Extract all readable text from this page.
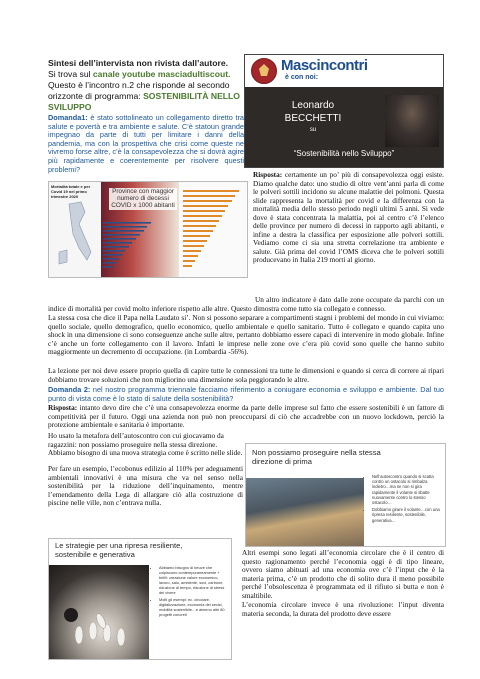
Sintesi dell’intervista non rivista dall’autore.
Si trova sul canale youtube masciadultiscout.
Questo è l’incontro n.2 che risponde al secondo orizzonte di programma: SOSTENIBILITÀ NELLO SVILUPPO
Mascincontri
è con noi:
Leonardo
BECCHETTI
su
“Sostenibilità nello Sviluppo”
Domanda1: è stato sottolineato un collegamento diretto tra salute e povertà e tra ambiente e salute. C’è statoun grande impegnao da parte di tutti per limitare i danni della pandemia, ma con la prospettiva che crisi come queste ne vivremo forse altre, c’è la consapevolezza che si dovrà agire più rapidamente e coerentemente per risolvere questi problemi?
Mortalità totale e per Covid 19 nel primo trimestre 2020
Province con maggior numero di decessi COVID x 1000 abitanti
Risposta: certamente un po’ più di consapevolezza oggi esiste. Diamo qualche dato: uno studio di oltre vent’anni parla di come le polveri sottili incidono su alcune malattie dei polmoni. Questa slide rappresenta la mortalità per covid e la differenza con la mortalità media dello stesso periodo negli ultimi 5 anni. Si vede dove è stata concentrata la malattia, poi al centro c’è l’elenco delle province per numero di decessi in rapporto agli abitanti, e infine a destra la classifica per esposizione alle polveri sottili. Vediamo come ci sia una stretta correlazione tra ambiente e salute. Già prima del covid l’OMS diceva che le polveri sottili producevano in Italia 219 morti al giorno.
Un altro indicatore è dato dalle zone occupate da parchi con un indice di mortalità per covid molto inferiore rispetto alle altre. Questo dimostra come tutto sia collegato e connesso.
La stessa cosa che dice il Papa nella Laudato si’. Non si possono separare a compartimenti stagni i problemi del mondo in cui viviamo: quello sociale, quello demografico, quello economico, quello ambientale e quello sanitario. Tutto è collegato e quando capita uno shock in una dimensione ci sono conseguenze anche sulle altre, pertanto dobbiamo essere capaci di intervenire in modo globale. Infine c’è anche un forte collegamento con il lavoro. Infatti le imprese nelle zone ove c’era più covid sono quelle che hanno subito maggiormente un decremento di occupazione. (in Lombardia -56%).
La lezione per noi deve essere proprio quella di capire tutte le connessioni tra tutte le dimensioni e quando si cerca di correre ai ripari dobbiamo trovare soluzioni che non migliorino una dimensione sola peggiorando le altre.
Domanda 2: nel nostro programma triennale facciamo riferimento a coniugare economia e sviluppo e ambiente. Dal tuo punto di vista come è lo stato di salute della sostenibilità?
Risposta: intanto devo dire che c’è una consapevolezza enorme da parte delle imprese sul fatto che essere sostenibili è un fattore di competitività per il futuro. Oggi una azienda non può non preoccuparsi di ciò che accadrebbe con un nuovo lockdown, perciò la protezione ambientale e sanitaria è importante.
Ho usato la metafora dell’autoscontro con cui giocavamo da ragazzini: non possiamo proseguire nella stessa direzione. Abbiamo bisogno di una nuova strategia come è scritto nelle slide.
Per fare un esempio, l’ecobonus edilizio al 110% per adeguamenti ambientali innovativi è una misura che va nel senso nella sostenibilità per la riduzione dell’inquinamento, mentre l’emendamento della Lega di allargare ciò alla costruzione di piscine nelle ville, non c’entrava nulla.
Non possiamo proseguire nella stessa direzione di prima
• Nell’autoscontro quando si scatta contro un ostacolo si rimbalza indietro…ma se non si gira rapidamente il volante si sbatte nuovamente contro lo stesso ostacolo…
• Dobbiamo girare il volante…con una ripresa resiliente, sostenibile, generativa…
Le strategie per una ripresa resiliente, sostenibile e generativa
• Abbiamo bisogno di beuve che colpiscono contemporaneamente + birilli: creazione valore economico, lavoro, salu, ambiente, soci, carbone, riduzione di tempo, riduzione di stress del vivere
• Molti gli esempi: ec. circolare, digitalizzazione, economia dei sevizi, mobilità sostenibile…e almeno altri 80 progetti concreti
Altri esempi sono legati all’economia circolare che è il centro di questo ragionamento perché l’economia oggi è di tipo lineare, ovvero siamo abituati ad una economia ove c’è l’input che è la materia prima, c’è un prodotto che di solito dura il meno possibile perché l’obsolescenza è programmata ed il rifiuto si butta e non è smaltibile.
L’economia circolare invece è una rivoluzione: l’input diventa materia seconda, la durata del prodotto deve essere
